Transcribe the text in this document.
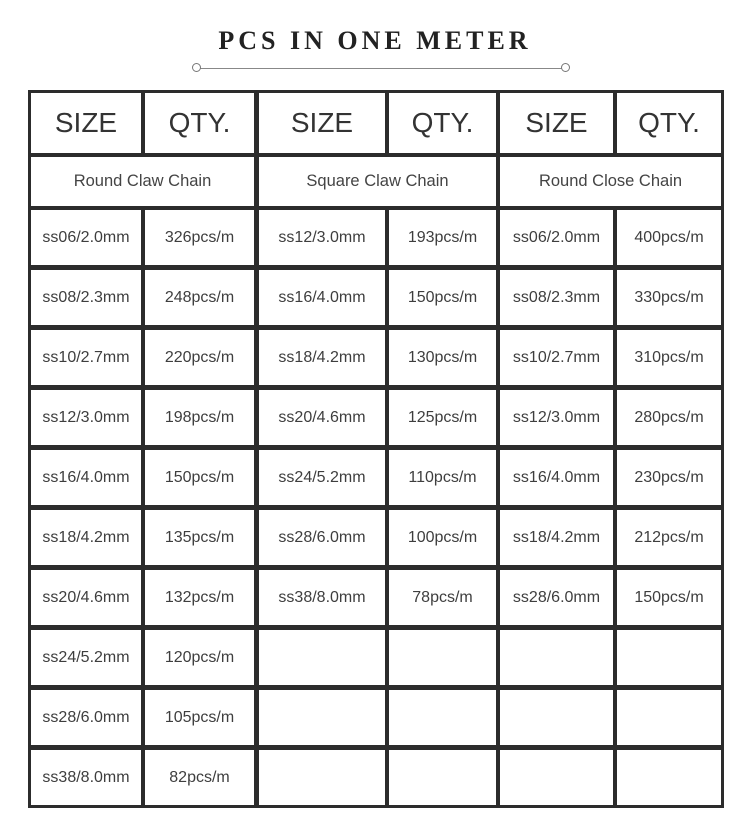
PCS IN ONE METER
SIZE	QTY.	SIZE	QTY.	SIZE	QTY.
Round Claw Chain	Square Claw Chain	Round Close Chain
ss06/2.0mm	326pcs/m	ss12/3.0mm	193pcs/m	ss06/2.0mm	400pcs/m
ss08/2.3mm	248pcs/m	ss16/4.0mm	150pcs/m	ss08/2.3mm	330pcs/m
ss10/2.7mm	220pcs/m	ss18/4.2mm	130pcs/m	ss10/2.7mm	310pcs/m
ss12/3.0mm	198pcs/m	ss20/4.6mm	125pcs/m	ss12/3.0mm	280pcs/m
ss16/4.0mm	150pcs/m	ss24/5.2mm	110pcs/m	ss16/4.0mm	230pcs/m
ss18/4.2mm	135pcs/m	ss28/6.0mm	100pcs/m	ss18/4.2mm	212pcs/m
ss20/4.6mm	132pcs/m	ss38/8.0mm	78pcs/m	ss28/6.0mm	150pcs/m
ss24/5.2mm	120pcs/m
ss28/6.0mm	105pcs/m
ss38/8.0mm	82pcs/m
